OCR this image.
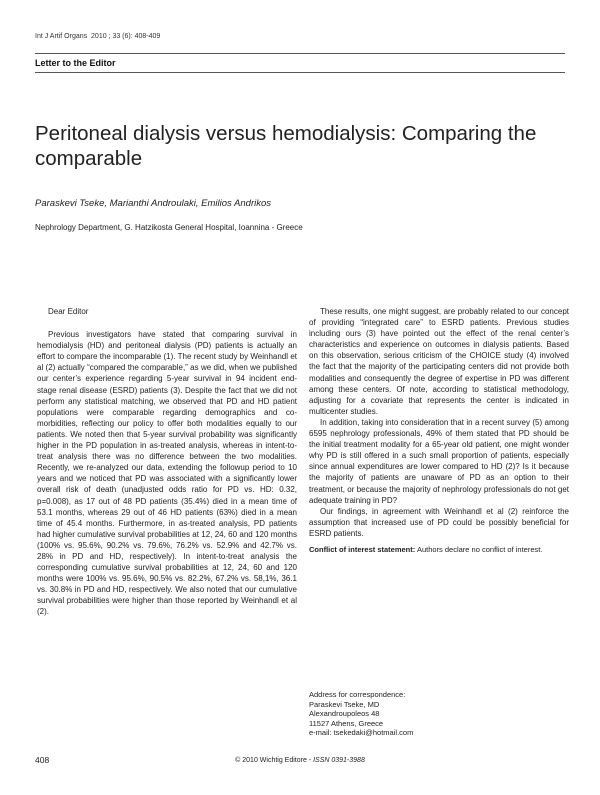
Int J Artif Organs 2010 ; 33 (6): 408-409
Letter to the Editor
Peritoneal dialysis versus hemodialysis: Comparing the comparable
Paraskevi Tseke, Marianthi Androulaki, Emilios Andrikos
Nephrology Department, G. Hatzikosta General Hospital, Ioannina - Greece

Dear Editor

Previous investigators have stated that comparing survival in hemodialysis (HD) and peritoneal dialysis (PD) patients is actually an effort to compare the incomparable (1). The recent study by Weinhandl et al (2) actually “compared the comparable,” as we did, when we published our center’s experience regarding 5-year survival in 94 incident end-stage renal disease (ESRD) patients (3). Despite the fact that we did not perform any statistical matching, we observed that PD and HD patient populations were comparable regarding demographics and co-morbidities, reflecting our policy to offer both modalities equally to our patients. We noted then that 5-year survival probability was significantly higher in the PD population in as-treated analysis, whereas in intent-to-treat analysis there was no difference between the two modalities. Recently, we re-analyzed our data, extending the followup period to 10 years and we noticed that PD was associated with a significantly lower overall risk of death (unadjusted odds ratio for PD vs. HD: 0.32, p=0.008), as 17 out of 48 PD patients (35.4%) died in a mean time of 53.1 months, whereas 29 out of 46 HD patients (63%) died in a mean time of 45.4 months. Furthermore, in as-treated analysis, PD patients had higher cumulative survival probabilities at 12, 24, 60 and 120 months (100% vs. 95.6%, 90.2% vs. 79.6%, 76.2% vs. 52.9% and 42.7% vs. 28% in PD and HD, respectively). In intent-to-treat analysis the corresponding cumulative survival probabilities at 12, 24, 60 and 120 months were 100% vs. 95.6%, 90.5% vs. 82.2%, 67.2% vs. 58,1%, 36.1 vs. 30.8% in PD and HD, respectively. We also noted that our cumulative survival probabilities were higher than those reported by Weinhandl et al (2).

These results, one might suggest, are probably related to our concept of providing “integrated care” to ESRD patients. Previous studies including ours (3) have pointed out the effect of the renal center’s characteristics and experience on outcomes in dialysis patients. Based on this observation, serious criticism of the CHOICE study (4) involved the fact that the majority of the participating centers did not provide both modalities and consequently the degree of expertise in PD was different among these centers. Of note, according to statistical methodology, adjusting for a covariate that represents the center is indicated in multicenter studies.

In addition, taking into consideration that in a recent survey (5) among 6595 nephrology professionals, 49% of them stated that PD should be the initial treatment modality for a 65-year old patient, one might wonder why PD is still offered in a such small proportion of patients, especially since annual expenditures are lower compared to HD (2)? Is it because the majority of patients are unaware of PD as an option to their treatment, or because the majority of nephrology professionals do not get adequate training in PD?

Our findings, in agreement with Weinhandl et al (2) reinforce the assumption that increased use of PD could be possibly beneficial for ESRD patients.

Conflict of interest statement: Authors declare no conflict of interest.
Address for correspondence:
Paraskevi Tseke, MD
Alexandroupoleos 48
11527 Athens, Greece
e-mail: tsekedaki@hotmail.com
408	© 2010 Wichtig Editore - ISSN 0391-3988
